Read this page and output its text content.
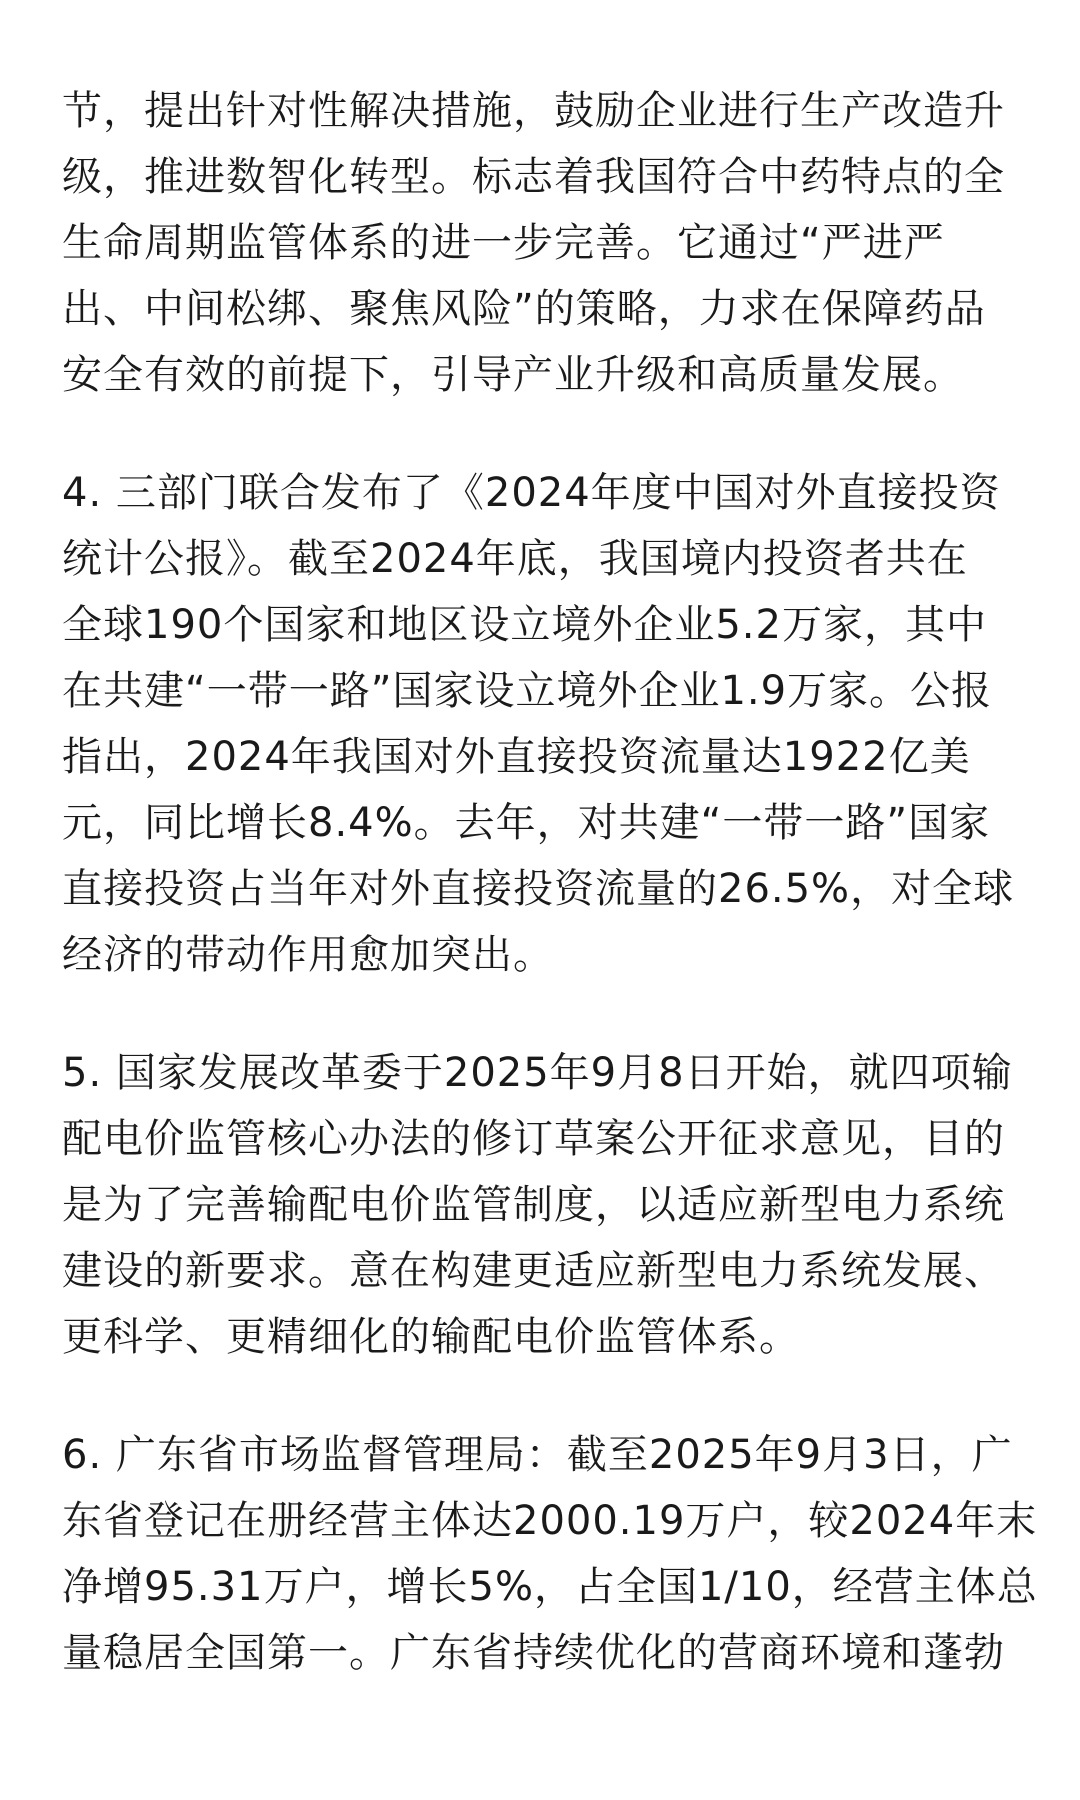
节，提出针对性解决措施，鼓励企业进行生产改造升
级，推进数智化转型。标志着我国符合中药特点的全
生命周期监管体系的进一步完善。它通过“严进严
出、中间松绑、聚焦风险”的策略，力求在保障药品
安全有效的前提下，引导产业升级和高质量发展。
4. 三部门联合发布了《2024年度中国对外直接投资
统计公报》。截至2024年底，我国境内投资者共在
全球190个国家和地区设立境外企业5.2万家，其中
在共建“一带一路”国家设立境外企业1.9万家。公报
指出，2024年我国对外直接投资流量达1922亿美
元，同比增长8.4%。去年，对共建“一带一路”国家
直接投资占当年对外直接投资流量的26.5%，对全球
经济的带动作用愈加突出。
5. 国家发展改革委于2025年9月8日开始，就四项输
配电价监管核心办法的修订草案公开征求意见，目的
是为了完善输配电价监管制度，以适应新型电力系统
建设的新要求。意在构建更适应新型电力系统发展、
更科学、更精细化的输配电价监管体系。
6. 广东省市场监督管理局：截至2025年9月3日，广
东省登记在册经营主体达2000.19万户，较2024年末
净增95.31万户，增长5%，占全国1/10，经营主体总
量稳居全国第一。广东省持续优化的营商环境和蓬勃
